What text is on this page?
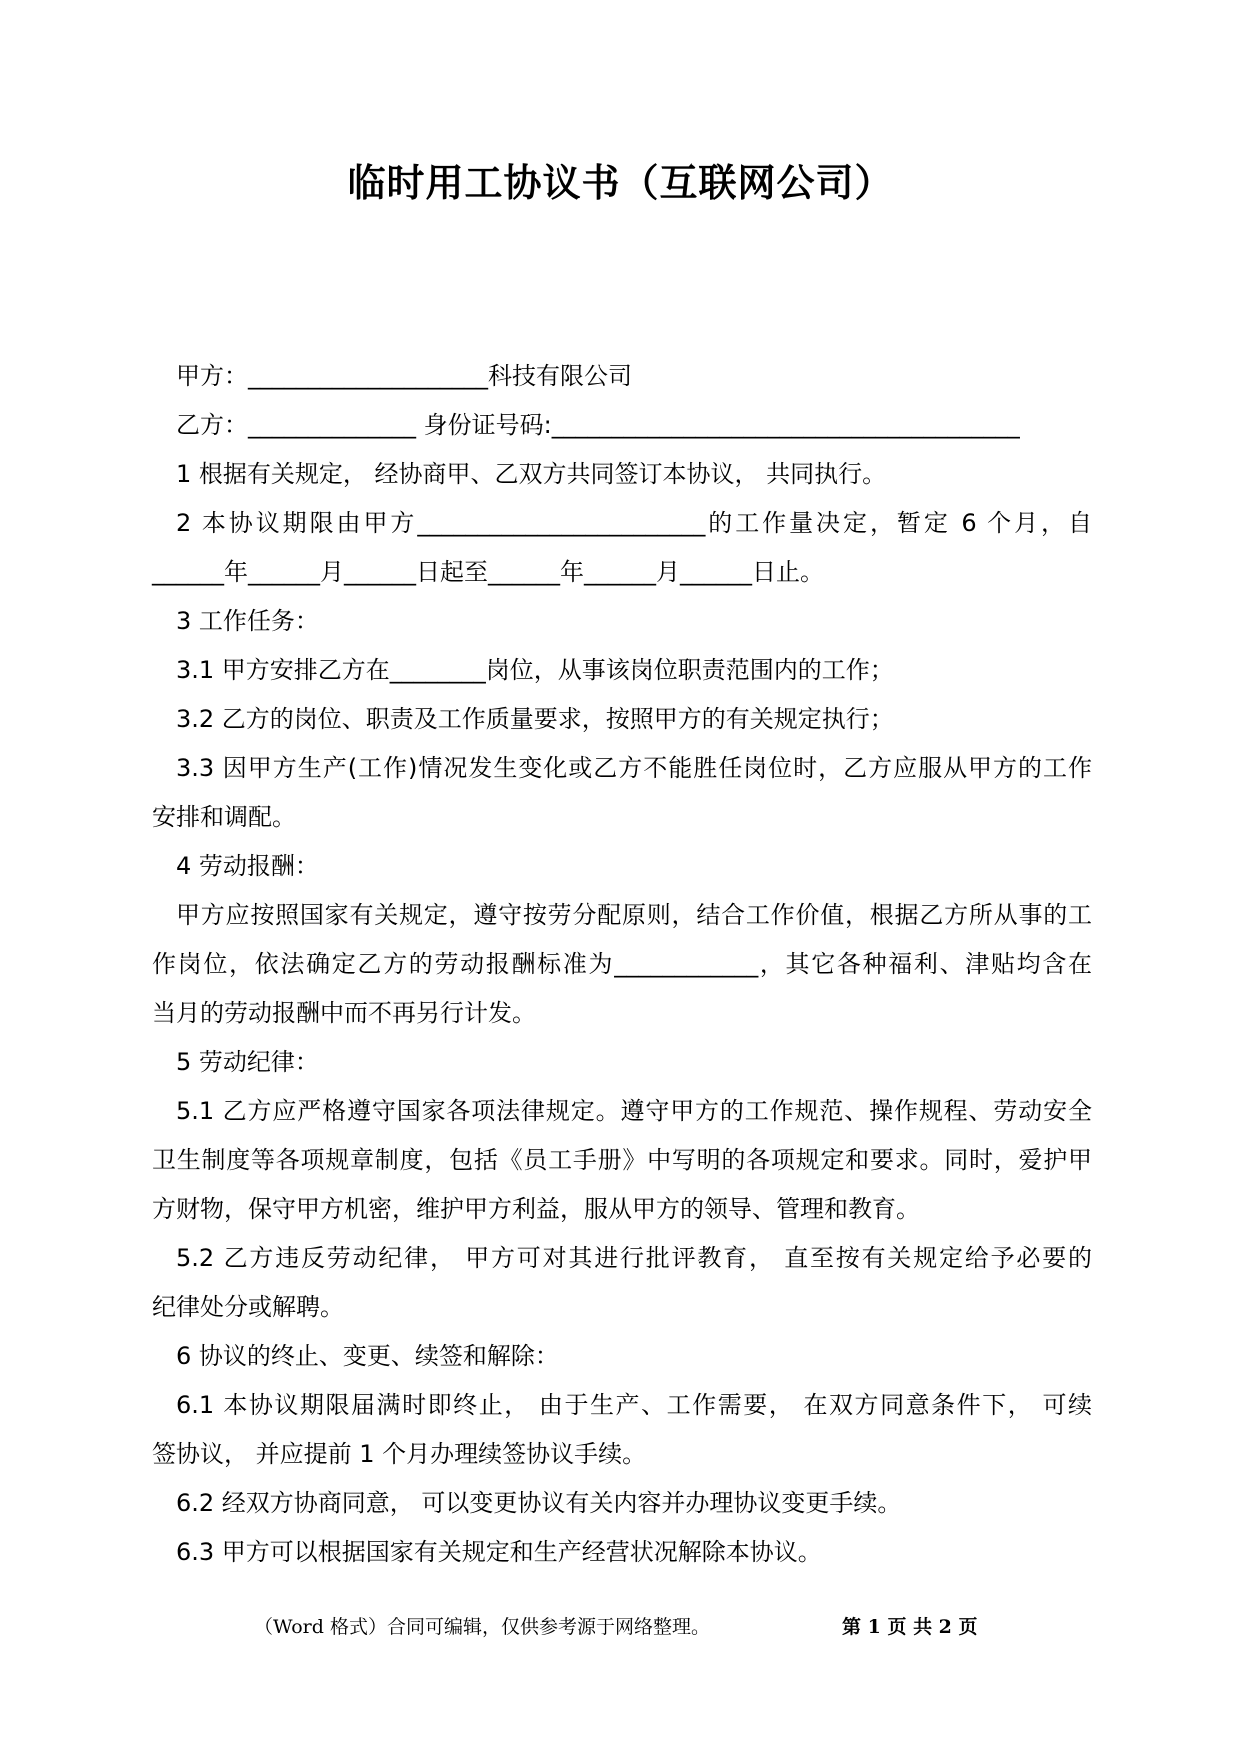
临时用工协议书（互联网公司）

甲方：____________________科技有限公司

乙方：______________ 身份证号码:_______________________________________

1 根据有关规定， 经协商甲、乙双方共同签订本协议， 共同执行。

2 本协议期限由甲方________________________的工作量决定，暂定 6 个月，自

______年______月______日起至______年______月______日止。

3 工作任务：

3.1 甲方安排乙方在________岗位，从事该岗位职责范围内的工作；

3.2 乙方的岗位、职责及工作质量要求，按照甲方的有关规定执行；

3.3 因甲方生产(工作)情况发生变化或乙方不能胜任岗位时，乙方应服从甲方的工作

安排和调配。

4 劳动报酬：

甲方应按照国家有关规定，遵守按劳分配原则，结合工作价值，根据乙方所从事的工

作岗位，依法确定乙方的劳动报酬标准为____________，其它各种福利、津贴均含在

当月的劳动报酬中而不再另行计发。

5 劳动纪律：

5.1 乙方应严格遵守国家各项法律规定。遵守甲方的工作规范、操作规程、劳动安全

卫生制度等各项规章制度，包括《员工手册》中写明的各项规定和要求。同时，爱护甲

方财物，保守甲方机密，维护甲方利益，服从甲方的领导、管理和教育。

5.2 乙方违反劳动纪律， 甲方可对其进行批评教育， 直至按有关规定给予必要的

纪律处分或解聘。

6 协议的终止、变更、续签和解除：

6.1 本协议期限届满时即终止， 由于生产、工作需要， 在双方同意条件下， 可续

签协议， 并应提前 1 个月办理续签协议手续。

6.2 经双方协商同意， 可以变更协议有关内容并办理协议变更手续。

6.3 甲方可以根据国家有关规定和生产经营状况解除本协议。

（Word 格式）合同可编辑，仅供参考源于网络整理。	第 1 页 共 2 页
